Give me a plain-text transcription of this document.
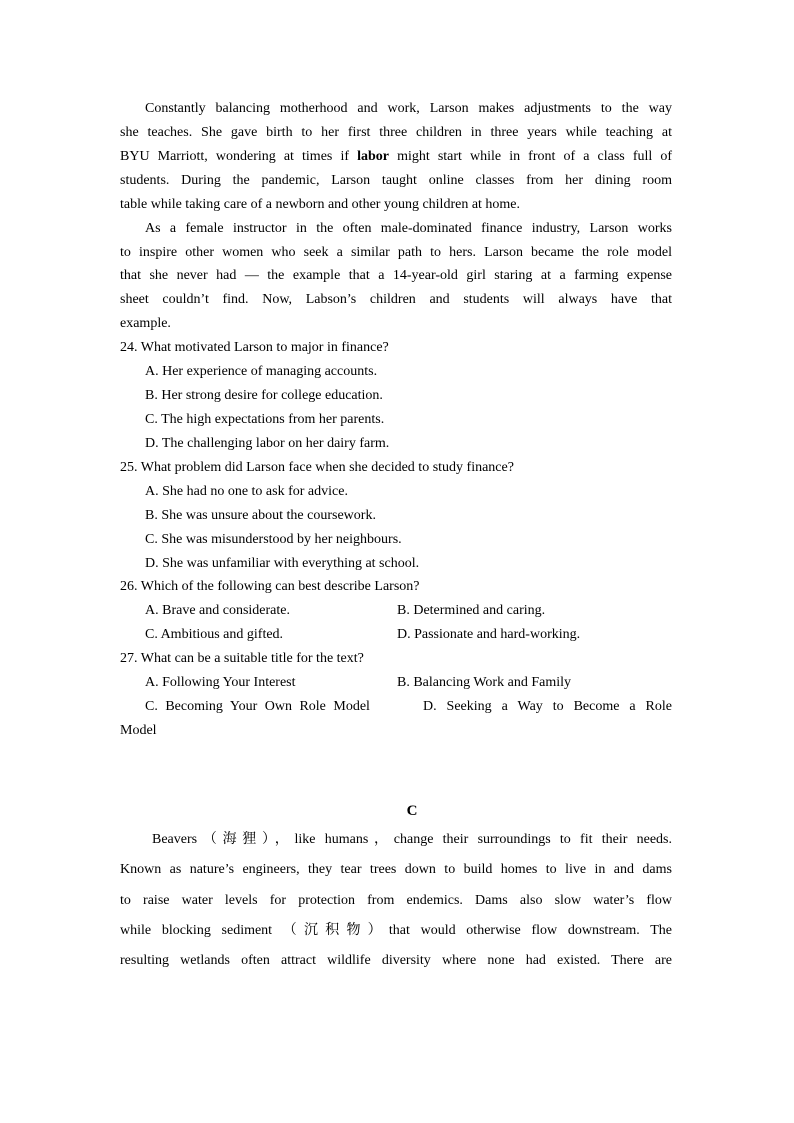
Constantly balancing motherhood and work, Larson makes adjustments to the way
she teaches. She gave birth to her first three children in three years while teaching at
BYU Marriott, wondering at times if labor might start while in front of a class full of
students. During the pandemic, Larson taught online classes from her dining room
table while taking care of a newborn and other young children at home.
As a female instructor in the often male-dominated finance industry, Larson works
to inspire other women who seek a similar path to hers. Larson became the role model
that she never had — the example that a 14-year-old girl staring at a farming expense
sheet couldn’t find. Now, Labson’s children and students will always have that
example.
24. What motivated Larson to major in finance?
A. Her experience of managing accounts.
B. Her strong desire for college education.
C. The high expectations from her parents.
D. The challenging labor on her dairy farm.
25. What problem did Larson face when she decided to study finance?
A. She had no one to ask for advice.
B. She was unsure about the coursework.
C. She was misunderstood by her neighbours.
D. She was unfamiliar with everything at school.
26. Which of the following can best describe Larson?
A. Brave and considerate.	B. Determined and caring.
C. Ambitious and gifted.	D. Passionate and hard-working.
27. What can be a suitable title for the text?
A. Following Your Interest	B. Balancing Work and Family
C. Becoming Your Own Role Model	D. Seeking a Way to Become a Role Model
C
Beavers（海狸），like humans，change their surroundings to fit their needs.
Known as nature’s engineers, they tear trees down to build homes to live in and dams
to raise water levels for protection from endemics. Dams also slow water’s flow
while blocking sediment （沉积物）that would otherwise flow downstream. The
resulting wetlands often attract wildlife diversity where none had existed. There are
